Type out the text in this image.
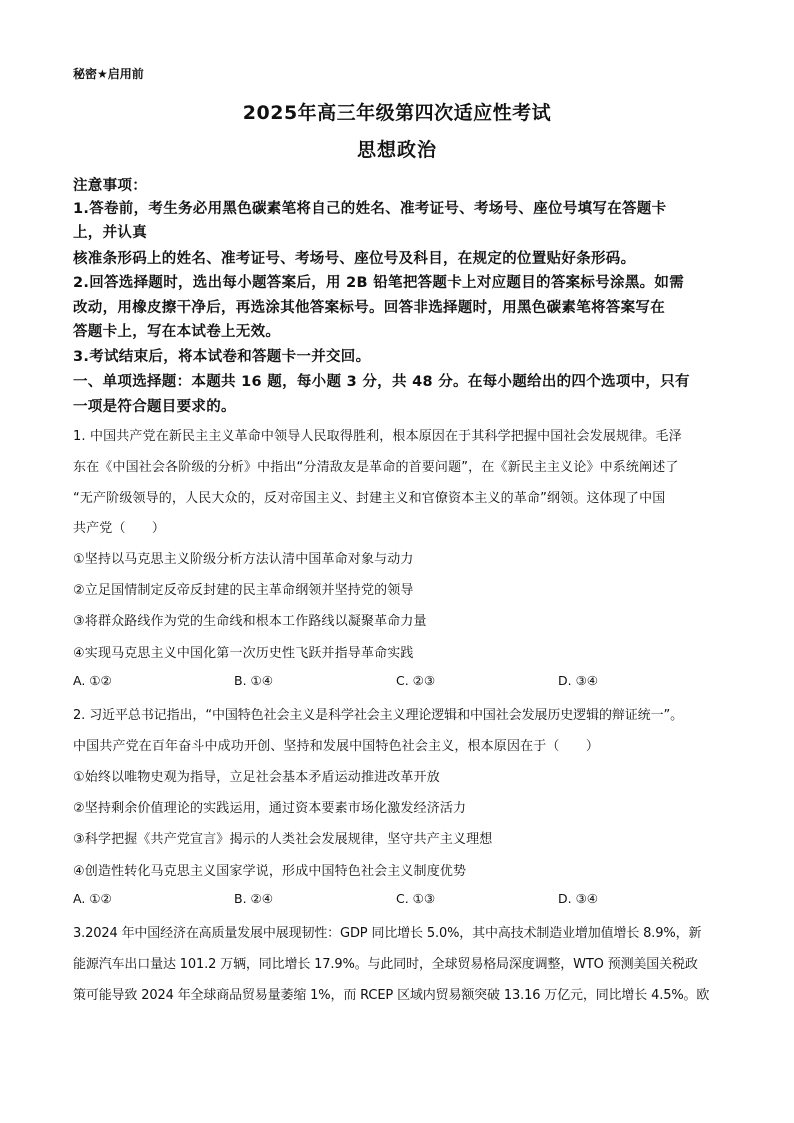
秘密★启用前
2025年高三年级第四次适应性考试
思想政治
注意事项：
1.答卷前，考生务必用黑色碳素笔将自己的姓名、准考证号、考场号、座位号填写在答题卡
上，并认真
核准条形码上的姓名、准考证号、考场号、座位号及科目，在规定的位置贴好条形码。
2.回答选择题时，选出每小题答案后，用 2B 铅笔把答题卡上对应题目的答案标号涂黑。如需
改动，用橡皮擦干净后，再选涂其他答案标号。回答非选择题时，用黑色碳素笔将答案写在
答题卡上，写在本试卷上无效。
3.考试结束后，将本试卷和答题卡一并交回。
一、单项选择题：本题共 16 题，每小题 3 分，共 48 分。在每小题给出的四个选项中，只有
一项是符合题目要求的。
1. 中国共产党在新民主主义革命中领导人民取得胜利，根本原因在于其科学把握中国社会发展规律。毛泽
东在《中国社会各阶级的分析》中指出“分清敌友是革命的首要问题”，在《新民主主义论》中系统阐述了
“无产阶级领导的，人民大众的，反对帝国主义、封建主义和官僚资本主义的革命”纲领。这体现了中国
共产党（　　）
①坚持以马克思主义阶级分析方法认清中国革命对象与动力
②立足国情制定反帝反封建的民主革命纲领并坚持党的领导
③将群众路线作为党的生命线和根本工作路线以凝聚革命力量
④实现马克思主义中国化第一次历史性飞跃并指导革命实践
A. ①②	B. ①④	C. ②③	D. ③④
2. 习近平总书记指出，“中国特色社会主义是科学社会主义理论逻辑和中国社会发展历史逻辑的辩证统一”。
中国共产党在百年奋斗中成功开创、坚持和发展中国特色社会主义，根本原因在于（　　）
①始终以唯物史观为指导，立足社会基本矛盾运动推进改革开放
②坚持剩余价值理论的实践运用，通过资本要素市场化激发经济活力
③科学把握《共产党宣言》揭示的人类社会发展规律，坚守共产主义理想
④创造性转化马克思主义国家学说，形成中国特色社会主义制度优势
A. ①②	B. ②④	C. ①③	D. ③④
3.2024 年中国经济在高质量发展中展现韧性：GDP 同比增长 5.0%，其中高技术制造业增加值增长 8.9%，新
能源汽车出口量达 101.2 万辆，同比增长 17.9%。与此同时，全球贸易格局深度调整，WTO 预测美国关税政
策可能导致 2024 年全球商品贸易量萎缩 1%，而 RCEP 区域内贸易额突破 13.16 万亿元，同比增长 4.5%。欧
